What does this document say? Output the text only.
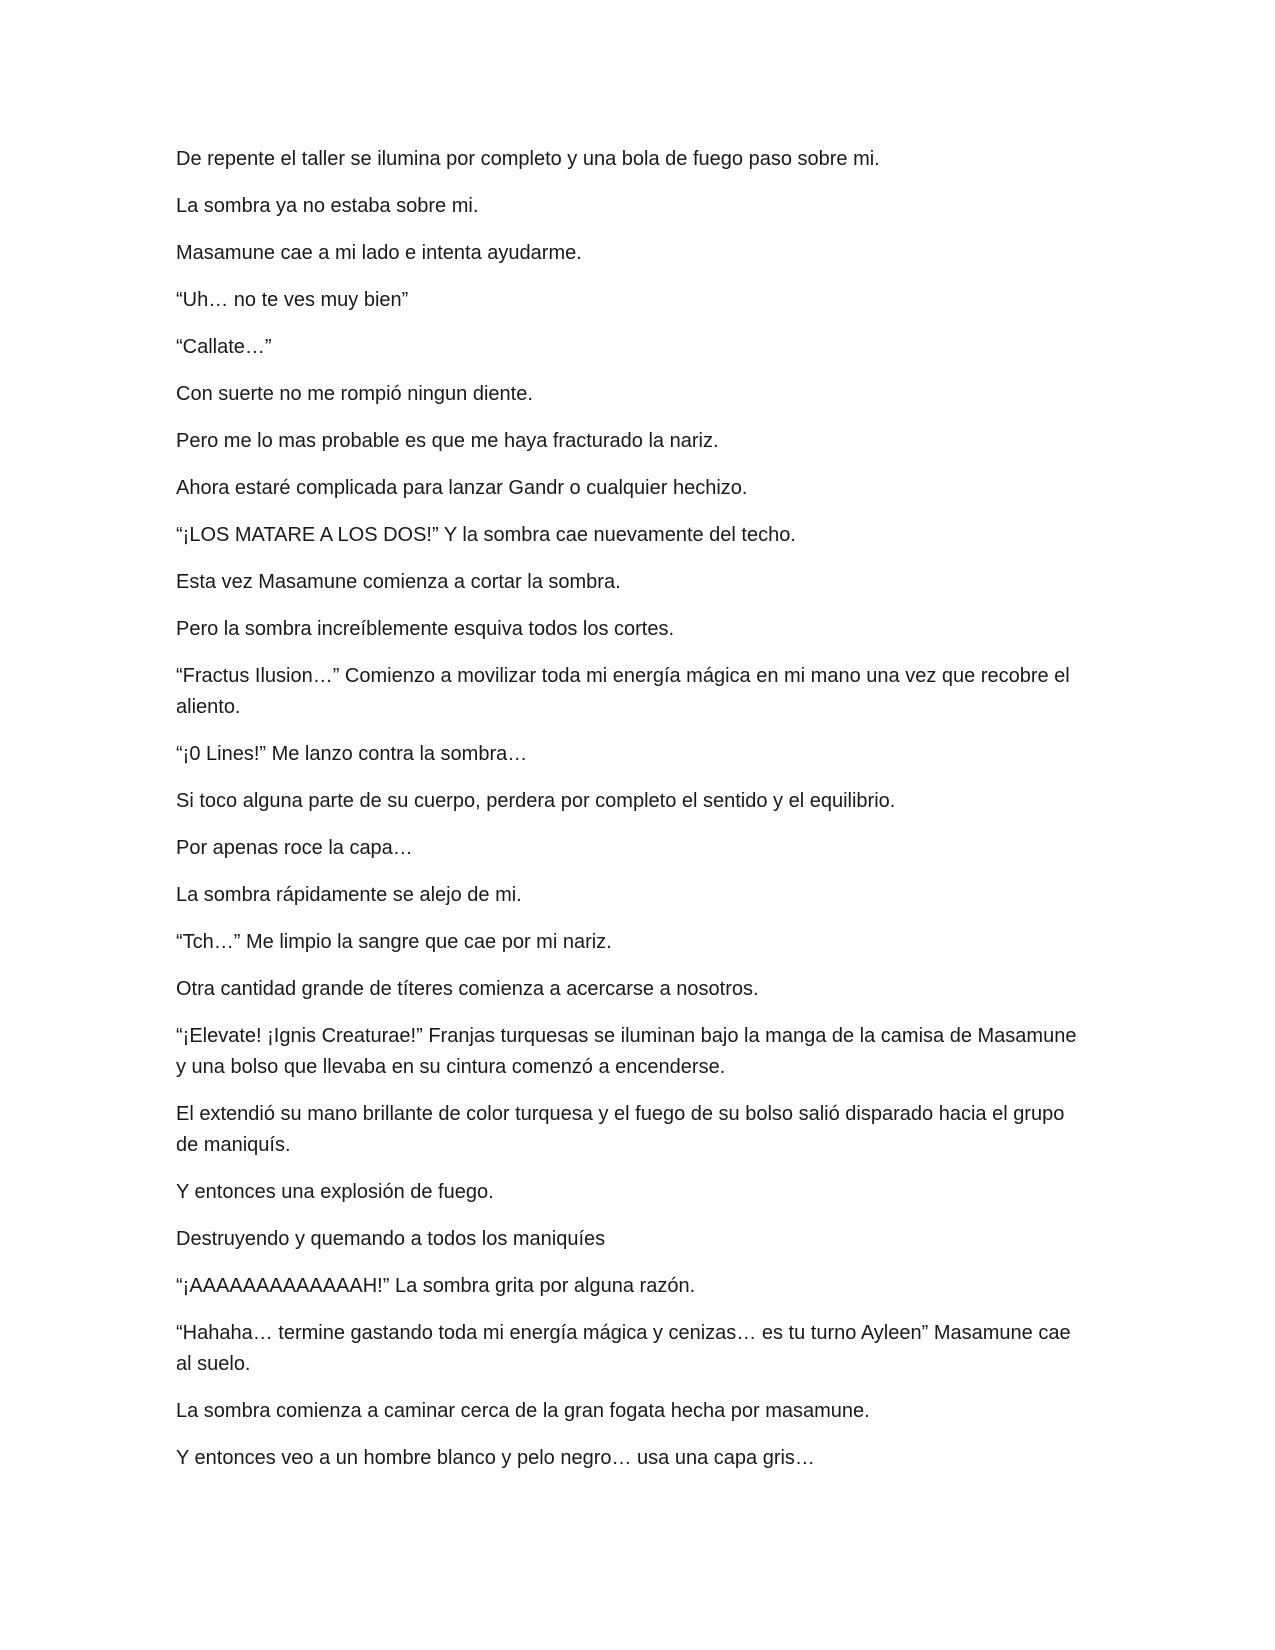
De repente el taller se ilumina por completo y una bola de fuego paso sobre mi.

La sombra ya no estaba sobre mi.

Masamune cae a mi lado e intenta ayudarme.

“Uh… no te ves muy bien”

“Callate…”

Con suerte no me rompió ningun diente.

Pero me lo mas probable es que me haya fracturado la nariz.

Ahora estaré complicada para lanzar Gandr o cualquier hechizo.

“¡LOS MATARE A LOS DOS!” Y la sombra cae nuevamente del techo.

Esta vez Masamune comienza a cortar la sombra.

Pero la sombra increíblemente esquiva todos los cortes.

“Fractus Ilusion…” Comienzo a movilizar toda mi energía mágica en mi mano una vez que recobre el aliento.

“¡0 Lines!” Me lanzo contra la sombra…

Si toco alguna parte de su cuerpo, perdera por completo el sentido y el equilibrio.

Por apenas roce la capa…

La sombra rápidamente se alejo de mi.

“Tch…” Me limpio la sangre que cae por mi nariz.

Otra cantidad grande de títeres comienza a acercarse a nosotros.

“¡Elevate! ¡Ignis Creaturae!” Franjas turquesas se iluminan bajo la manga de la camisa de Masamune y una bolso que llevaba en su cintura comenzó a encenderse.

El extendió su mano brillante de color turquesa y el fuego de su bolso salió disparado hacia el grupo de maniquís.

Y entonces una explosión de fuego.

Destruyendo y quemando a todos los maniquíes

“¡AAAAAAAAAAAAAH!” La sombra grita por alguna razón.

“Hahaha… termine gastando toda mi energía mágica y cenizas… es tu turno Ayleen” Masamune cae al suelo.

La sombra comienza a caminar cerca de la gran fogata hecha por masamune.

Y entonces veo a un hombre blanco y pelo negro… usa una capa gris…
